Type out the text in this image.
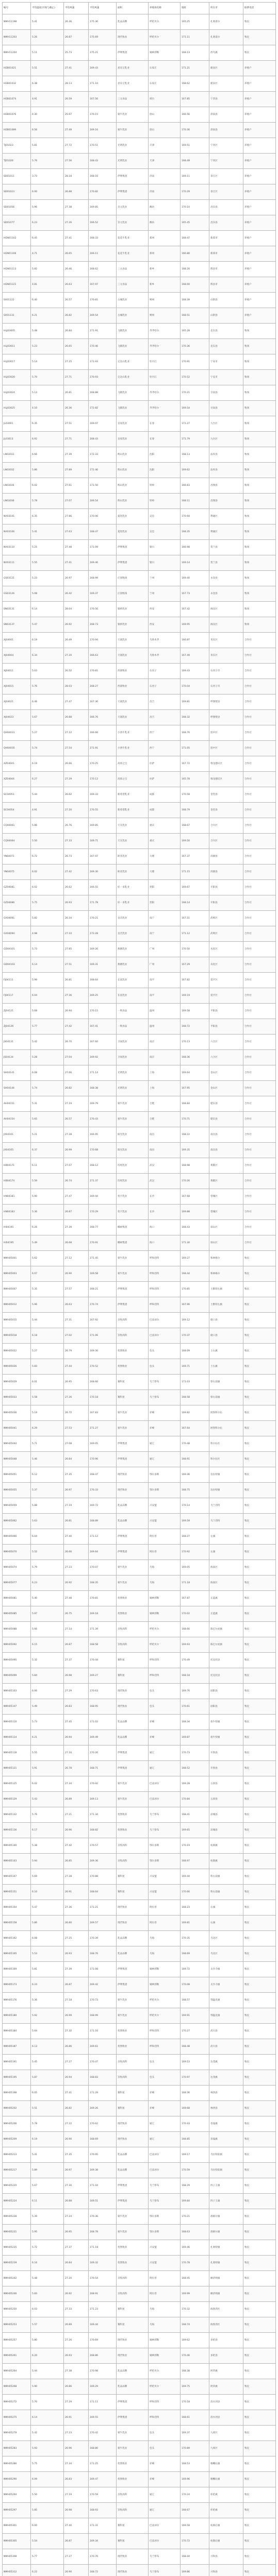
编号	平均温度(开始与截止)	平均风速	平均风速	面积	养殖场名称	地址	所在市	联系电话
NMH11198	5.41	26.36	175.36	乳品品牌	呼伦贝尔	165.25	扎赉诺尔	牧民
NMH11203	5.26	26.87	175.69	现代牧业	呼伦贝尔	171.11	扎赉诺尔	牧民
NMH11204	5.11	25.73	175.21	伊利集团	锡林郭勒	168.13	西乌旗	牧民
HEB01021	5.51	27.41	169.43	君乐宝乳业	石家庄	171.21	鹿泉区	养殖户
HEB01032	6.38	28.13	171.10	君乐宝乳业	石家庄	168.62	鹿泉区	养殖户
HEB01074	4.91	26.59	167.56	三元食品	邢台	167.85	宁晋县	养殖户
HEB01076	4.30	25.97	170.15	蒙牛乳业	唐山	166.56	滦南县	养殖户
HEB01089	6.56	27.49	169.16	蒙牛乳业	唐山	170.36	滦南县	养殖户
TJ01023	5.81	27.72	170.51	光明乳业	天津	169.51	宁河区	养殖户
TJ01026	5.76	27.56	168.43	光明乳业	天津	168.49	宁河区	养殖户
SD01011	3.73	28.18	168.16	伊利集团	济南	169.11	章丘区	养殖户
SD01023	6.00	26.88	170.82	伊利集团	济南	170.29	章丘区	养殖户
SD01056	5.96	27.38	169.85	圣元乳业	潍坊	170.10	昌乐县	养殖户
SD01077	6.23	27.26	166.52	圣元乳业	潍坊	165.45	昌乐县	养殖户
HEN01102	6.45	27.41	168.33	花花牛乳业	郑州	168.47	新郑市	养殖户
HEN01106	4.71	26.65	166.11	花花牛乳业	郑州	166.80	新郑市	养殖户
HEN01113	5.82	26.46	168.62	三元食品	新乡	168.20	辉县市	养殖户
HEN01121	4.81	26.63	167.97	三元食品	新乡	168.00	辉县市	养殖户
SX01122	6.40	26.57	170.81	古城乳业	朔州	168.39	山阴县	养殖户
SX01131	6.21	26.82	169.54	古城乳业	朔州	168.51	山阴县	养殖户
HLJ03005	5.48	26.84	171.91	飞鹤乳业	齐齐哈尔	165.28	克东县	牧场
HLJ03011	5.23	26.65	170.46	飞鹤乳业	齐齐哈尔	170.36	克东县	牧场
HLJ03017	5.14	27.25	171.93	完达山乳业	牡丹江	170.91	宁安市	牧场
HLJ03020	5.70	27.71	170.93	完达山乳业	牡丹江	170.52	宁安市	牧场
HLJ03024	5.13	26.81	168.88	飞鹤乳业	齐齐哈尔	170.21	甘南县	牧场
HLJ03025	4.10	26.36	172.82	飞鹤乳业	齐齐哈尔	169.54	甘南县	牧场
JL03001	6.35	27.51	169.07	皇家乳业	长春	171.27	九台区	牧场
JL03013	6.92	27.71	168.43	皇家乳业	长春	171.79	九台区	牧场
LN03031	6.66	27.39	172.33	辉山乳业	沈阳	168.13	法库县	牧场
LN03032	5.86	27.89	172.46	辉山乳业	沈阳	169.62	法库县	牧场
LN03035	6.02	27.61	171.50	辉山乳业	铁岭	166.83	昌图县	牧场
LN03036	5.78	27.07	166.54	辉山乳业	铁岭	168.11	昌图县	牧场
NX03101	6.35	27.86	170.06	夏进乳业	吴忠	170.94	利通区	牧场
NX03106	5.41	27.63	168.47	夏进乳业	吴忠	168.35	利通区	牧场
NX03110	5.25	27.48	171.09	伊利集团	银川	166.98	贺兰县	牧场
NX03111	5.55	27.41	169.46	伊利集团	银川	169.14	贺兰县	牧场
GS03121	5.23	26.97	168.99	庄园牧场	兰州	169.40	永登县	牧场
GS03126	5.08	26.42	169.37	庄园牧场	兰州	167.73	永登县	牧场
SN03131	6.14	28.04	170.56	银桥乳业	西安	167.42	阎良区	牧场
SN03137	5.47	26.92	168.73	银桥乳业	西安	169.95	阎良区	牧场
XJ04001	6.19	26.49	170.94	天润乳业	乌鲁木齐	166.87	米东区	合作社
XJ04004	6.34	27.20	166.63	天润乳业	乌鲁木齐	167.49	米东区	合作社
XJ04011	5.03	26.52	170.81	西部牧业	石河子	169.43	石河子市	合作社
XJ04015	5.76	28.03	168.27	西部牧业	石河子	170.04	石河子市	合作社
XJ04021	6.46	27.47	167.36	天润乳业	昌吉	169.81	呼图壁县	合作社
XJ04023	5.67	26.88	166.76	天润乳业	昌吉	168.32	呼图壁县	合作社
QH04031	5.27	27.12	166.66	小西牛乳业	西宁	168.76	湟中区	合作社
QH04035	5.74	27.54	171.91	小西牛乳业	西宁	171.05	湟中区	合作社
XZ04041	6.19	26.66	170.25	高原之宝	拉萨	167.72	堆龙德庆区	合作社
XZ04044	6.27	27.29	170.12	高原之宝	拉萨	165.78	堆龙德庆区	合作社
SC04051	5.44	26.62	169.33	新希望乳业	成都	170.58	金堂县	合作社
SC04054	4.91	27.20	170.55	新希望乳业	成都	168.79	金堂县	合作社
CQ04061	5.86	26.76	169.85	天友乳业	重庆	168.67	合川区	合作社
CQ04064	5.50	27.33	169.71	天友乳业	重庆	169.50	合川区	合作社
YN04071	6.72	26.73	167.07	欧亚乳业	大理	167.37	洱源县	合作社
YN04075	6.02	27.42	169.30	欧亚乳业	大理	171.15	洱源县	合作社
GZ04081	6.02	26.62	166.55	好一多乳业	贵阳	169.67	开阳县	合作社
GZ04086	5.75	26.93	171.78	好一多乳业	贵阳	168.14	开阳县	合作社
GX04091	5.82	26.34	170.21	皇氏乳业	南宁	167.51	武鸣区	合作社
GX04094	4.98	27.10	172.28	皇氏乳业	南宁	171.12	武鸣区	合作社
GD04101	5.73	27.85	169.26	燕塘乳业	广州	170.50	从化区	合作社
GD04103	6.14	27.51	169.31	燕塘乳业	广州	167.29	从化区	合作社
FJ04111	5.99	26.81	168.64	长富乳业	南平	167.82	延平区	合作社
FJ04117	6.04	27.36	169.25	长富乳业	南平	169.19	延平区	合作社
ZJ04121	5.68	26.94	170.15	一鸣食品	温州	169.58	平阳县	合作社
ZJ04126	5.77	27.42	167.41	一鸣食品	温州	168.72	平阳县	合作社
JS04131	5.42	26.70	167.60	卫岗乳业	南京	170.13	六合区	合作社
JS04134	5.28	27.04	169.92	卫岗乳业	南京	168.36	六合区	合作社
SH04141	6.08	27.66	171.14	光明乳业	上海	169.64	金山区	合作社
SH04144	5.74	26.82	168.38	光明乳业	上海	167.95	金山区	合作社
AH04151	5.31	27.19	169.79	蒙牛乳业	合肥	168.84	肥东县	合作社
AH04154	5.65	26.57	170.43	蒙牛乳业	合肥	170.71	肥东县	合作社
JX04161	5.21	27.28	166.95	阳光乳业	南昌	168.22	南昌县	合作社
JX04165	6.37	26.99	170.68	阳光乳业	南昌	169.35	南昌县	合作社
HB04171	6.11	27.07	168.12	均瑶乳业	武汉	168.98	黄陂区	合作社
HB04174	5.59	26.74	171.37	均瑶乳业	武汉	170.26	黄陂区	合作社
HN04181	5.90	27.47	169.44	优卡乳业	长沙	167.68	望城区	合作社
HN04183	5.36	26.87	170.29	优卡乳业	长沙	169.88	望城区	合作社
HI04191	6.26	27.39	168.77	椰树集团	海口	168.43	琼山区	合作社
HI04195	5.49	26.68	170.91	椰树集团	海口	171.30	琼山区	合作社
NMH05001	5.62	27.12	171.45	蒙牛乳业	呼和浩特	169.27	和林格尔	牧民
NMH05003	6.07	26.90	169.58	蒙牛乳业	呼和浩特	168.44	和林格尔	牧民
NMH05007	5.35	27.57	168.21	伊利集团	呼和浩特	170.85	土默特左旗	牧民
NMH05012	5.96	26.63	170.74	伊利集团	呼和浩特	167.96	土默特左旗	牧民
NMH05015	5.44	27.31	167.92	圣牧高科	巴彦淖尔	169.12	磴口县	牧民
NMH05018	6.18	27.02	171.06	圣牧高科	巴彦淖尔	170.37	磴口县	牧民
NMH05022	5.27	26.79	169.30	优然牧业	包头	168.09	土右旗	牧民
NMH05026	5.83	27.44	170.52	优然牧业	包头	169.71	土右旗	牧民
NMH05029	6.01	26.95	168.66	赛科星	乌兰察布	171.03	察右前旗	牧民
NMH05033	5.58	27.26	170.18	赛科星	乌兰察布	168.58	察右前旗	牧民
NMH05036	5.19	26.72	167.83	蒙牛乳业	赤峰	169.82	阿鲁科尔沁	牧民
NMH05041	6.29	27.53	171.27	蒙牛乳业	赤峰	167.64	阿鲁科尔沁	牧民
NMH05044	5.71	27.08	169.05	伊利集团	通辽	170.48	科尔沁区	牧民
NMH05048	5.46	26.84	170.96	伊利集团	通辽	168.91	科尔沁区	牧民
NMH05051	6.12	27.35	168.47	现代牧业	鄂尔多斯	169.36	达拉特旗	牧民
NMH05055	5.37	26.97	170.33	现代牧业	鄂尔多斯	168.75	达拉特旗	牧民
NMH05059	5.88	27.19	169.72	乳品品牌	兴安盟	170.14	乌兰浩特	牧民
NMH05062	5.63	26.81	168.89	乳品品牌	兴安盟	169.59	乌兰浩特	牧民
NMH05066	6.04	27.40	171.12	伊利集团	阿拉善	168.27	左旗	牧民
NMH05070	5.52	26.66	169.64	伊利集团	阿拉善	170.92	左旗	牧民
NMH05074	5.79	27.23	170.07	蒙牛乳业	乌海	169.05	海南区	牧民
NMH05077	6.23	26.92	168.35	蒙牛乳业	乌海	171.18	海南区	牧民
NMH05081	5.40	27.48	170.81	优然牧业	锡林郭勒	167.87	正蓝旗	牧民
NMH05085	5.97	26.75	169.18	优然牧业	锡林郭勒	170.02	正蓝旗	牧民
NMH05088	5.66	27.14	171.39	圣牧高科	呼伦贝尔	168.66	陈巴尔虎旗	牧民
NMH05092	6.15	26.87	168.58	圣牧高科	呼伦贝尔	169.93	陈巴尔虎旗	牧民
NMH05095	5.32	27.37	170.44	赛科星	呼和浩特	170.49	托克托县	牧民
NMH05099	5.84	26.98	169.27	赛科星	呼和浩特	168.18	托克托县	牧民
NMH05103	6.06	27.29	170.63	现代牧业	包头	169.76	固阳县	牧民
NMH05107	5.49	26.83	168.95	现代牧业	包头	170.61	固阳县	牧民
NMH05110	5.73	27.45	171.02	乳品品牌	赤峰	168.34	翁牛特旗	牧民
NMH05114	6.21	26.94	169.49	乳品品牌	赤峰	169.87	翁牛特旗	牧民
NMH05118	5.55	27.16	170.26	伊利集团	通辽	170.73	开鲁县	牧民
NMH05121	5.91	26.78	168.71	伊利集团	通辽	168.52	开鲁县	牧民
NMH05125	6.02	27.34	170.92	蒙牛乳业	巴彦淖尔	169.28	五原县	牧民
NMH05129	5.43	26.89	169.13	蒙牛乳业	巴彦淖尔	170.84	五原县	牧民
NMH05132	5.76	27.21	171.34	优然牧业	乌兰察布	168.41	凉城县	牧民
NMH05136	6.17	26.96	168.82	优然牧业	乌兰察布	169.65	凉城县	牧民
NMH05140	5.38	27.42	170.57	圣牧高科	鄂尔多斯	170.19	杭锦旗	牧民
NMH05143	5.94	26.85	169.36	圣牧高科	鄂尔多斯	168.97	杭锦旗	牧民
NMH05147	5.69	27.28	170.88	赛科星	兴安盟	169.44	科右前旗	牧民
NMH05151	6.10	26.91	168.64	赛科星	兴安盟	170.66	科右前旗	牧民
NMH05154	5.47	27.36	171.21	现代牧业	阿拉善	168.23	右旗	牧民
NMH05158	5.86	26.80	169.57	现代牧业	阿拉善	169.81	右旗	牧民
NMH05162	6.08	27.25	170.39	乳品品牌	乌海	170.35	乌达区	牧民
NMH05165	5.53	26.93	168.76	乳品品牌	乌海	168.69	乌达区	牧民
NMH05169	5.81	27.39	171.08	伊利集团	锡林郭勒	169.72	太仆寺旗	牧民
NMH05173	6.24	26.87	169.42	伊利集团	锡林郭勒	170.08	太仆寺旗	牧民
NMH05176	5.36	27.18	170.73	蒙牛乳业	呼伦贝尔	168.57	鄂温克旗	牧民
NMH05180	5.92	26.99	168.99	蒙牛乳业	呼伦贝尔	169.91	鄂温克旗	牧民
NMH05184	5.64	27.32	171.16	优然牧业	呼和浩特	170.27	武川县	牧民
NMH05187	6.13	26.86	169.61	优然牧业	呼和浩特	168.48	武川县	牧民
NMH05191	5.45	27.27	170.47	圣牧高科	包头	169.53	达茂旗	牧民
NMH05195	5.87	26.94	168.83	圣牧高科	包头	170.97	达茂旗	牧民
NMH05198	6.05	27.41	171.29	赛科星	赤峰	168.36	林西县	牧民
NMH05202	5.51	26.82	169.26	赛科星	赤峰	169.68	林西县	牧民
NMH05206	5.78	27.22	170.62	现代牧业	通辽	170.43	奈曼旗	牧民
NMH05209	6.19	26.90	168.69	现代牧业	通辽	168.85	奈曼旗	牧民
NMH05213	5.41	27.35	170.95	乳品品牌	巴彦淖尔	169.17	乌拉特前旗	牧民
NMH05217	5.89	26.97	169.38	乳品品牌	巴彦淖尔	170.59	乌拉特前旗	牧民
NMH05220	5.67	27.30	171.04	伊利集团	乌兰察布	168.29	四子王旗	牧民
NMH05224	6.11	26.88	169.51	伊利集团	乌兰察布	169.84	四子王旗	牧民
NMH05228	5.39	27.24	170.36	蒙牛乳业	鄂尔多斯	170.21	准格尔旗	牧民
NMH05231	5.95	26.95	168.78	蒙牛乳业	鄂尔多斯	168.63	准格尔旗	牧民
NMH05235	5.72	27.37	171.18	优然牧业	兴安盟	169.46	扎赉特旗	牧民
NMH05239	6.16	26.84	169.32	优然牧业	兴安盟	170.78	扎赉特旗	牧民
NMH05242	5.48	27.20	170.54	圣牧高科	阿拉善	168.45	额济纳旗	牧民
NMH05246	5.83	26.92	168.91	圣牧高科	阿拉善	169.99	额济纳旗	牧民
NMH05250	6.03	27.33	171.23	赛科星	乌海	170.32	海勃湾区	牧民
NMH05253	5.57	26.89	169.44	赛科星	乌海	168.74	海勃湾区	牧民
NMH05257	5.80	27.26	170.69	现代牧业	锡林郭勒	169.62	多伦县	牧民
NMH05261	6.20	26.93	168.86	现代牧业	锡林郭勒	170.46	多伦县	牧民
NMH05264	5.44	27.38	170.98	乳品品牌	呼伦贝尔	168.38	阿荣旗	牧民
NMH05268	5.90	26.86	169.29	乳品品牌	呼伦贝尔	169.75	阿荣旗	牧民
NMH05272	5.70	27.29	171.11	伊利集团	呼和浩特	170.18	清水河县	牧民
NMH05275	6.14	26.91	169.55	伊利集团	呼和浩特	168.61	清水河县	牧民
NMH05279	5.42	27.23	170.42	蒙牛乳业	包头	169.37	九原区	牧民
NMH05283	5.93	26.96	168.80	蒙牛乳业	包头	170.89	九原区	牧民
NMH05286	5.75	27.34	171.25	优然牧业	赤峰	168.53	喀喇沁旗	牧民
NMH05290	6.09	26.83	169.47	优然牧业	赤峰	169.96	喀喇沁旗	牧民
NMH05294	5.50	27.19	170.59	圣牧高科	通辽	170.24	库伦旗	牧民
NMH05297	5.85	26.98	168.93	圣牧高科	通辽	168.67	库伦旗	牧民
NMH05301	6.00	27.40	171.31	赛科星	巴彦淖尔	169.58	杭锦后旗	牧民
NMH05305	5.54	26.87	169.34	赛科星	巴彦淖尔	170.72	杭锦后旗	牧民
NMH05308	5.77	27.27	170.76	现代牧业	乌兰察布	168.44	兴和县	牧民
NMH05312	6.22	26.90	168.72	现代牧业	乌兰察布	169.86	兴和县	牧民
